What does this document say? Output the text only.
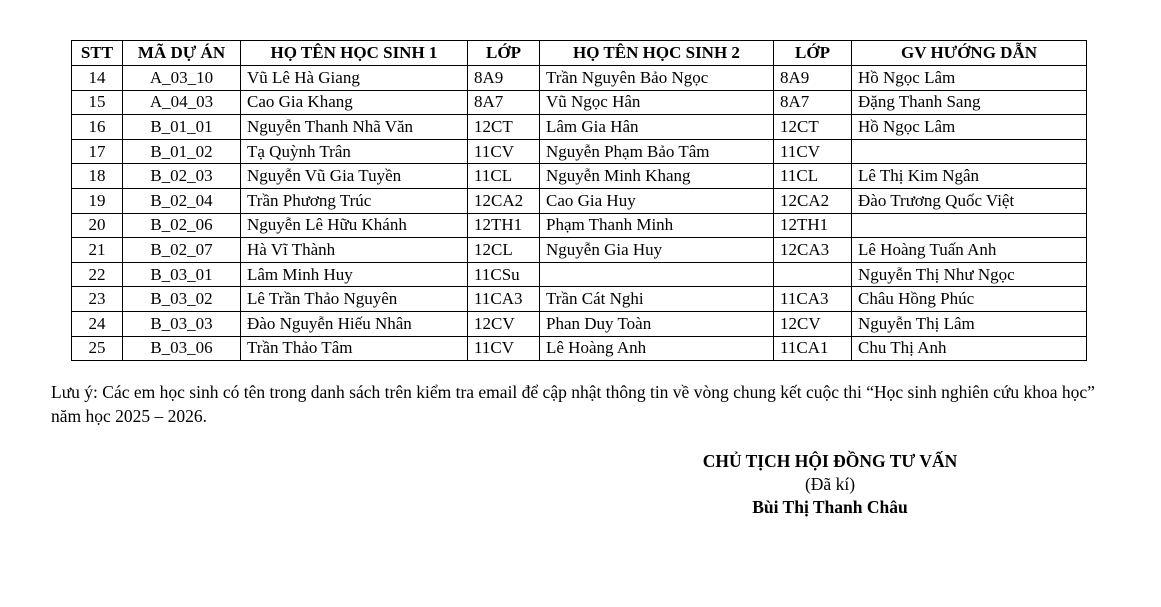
STT	MÃ DỰ ÁN	HỌ TÊN HỌC SINH 1	LỚP	HỌ TÊN HỌC SINH 2	LỚP	GV HƯỚNG DẪN
14	A_03_10	Vũ Lê Hà Giang	8A9	Trần Nguyên Bảo Ngọc	8A9	Hồ Ngọc Lâm
15	A_04_03	Cao Gia Khang	8A7	Vũ Ngọc Hân	8A7	Đặng Thanh Sang
16	B_01_01	Nguyễn Thanh Nhã Văn	12CT	Lâm Gia Hân	12CT	Hồ Ngọc Lâm
17	B_01_02	Tạ Quỳnh Trân	11CV	Nguyễn Phạm Bảo Tâm	11CV	
18	B_02_03	Nguyễn Vũ Gia Tuyền	11CL	Nguyễn Minh Khang	11CL	Lê Thị Kim Ngân
19	B_02_04	Trần Phương Trúc	12CA2	Cao Gia Huy	12CA2	Đào Trương Quốc Việt
20	B_02_06	Nguyễn Lê Hữu Khánh	12TH1	Phạm Thanh Minh	12TH1	
21	B_02_07	Hà Vĩ Thành	12CL	Nguyễn Gia Huy	12CA3	Lê Hoàng Tuấn Anh
22	B_03_01	Lâm Minh Huy	11CSu			Nguyễn Thị Như Ngọc
23	B_03_02	Lê Trần Thảo Nguyên	11CA3	Trần Cát Nghi	11CA3	Châu Hồng Phúc
24	B_03_03	Đào Nguyễn Hiếu Nhân	12CV	Phan Duy Toàn	12CV	Nguyễn Thị Lâm
25	B_03_06	Trần Thảo Tâm	11CV	Lê Hoàng Anh	11CA1	Chu Thị Anh
Lưu ý: Các em học sinh có tên trong danh sách trên kiểm tra email để cập nhật thông tin về vòng chung kết cuộc thi “Học sinh nghiên cứu khoa học” năm học 2025 – 2026.
CHỦ TỊCH HỘI ĐỒNG TƯ VẤN
(Đã kí)
Bùi Thị Thanh Châu
